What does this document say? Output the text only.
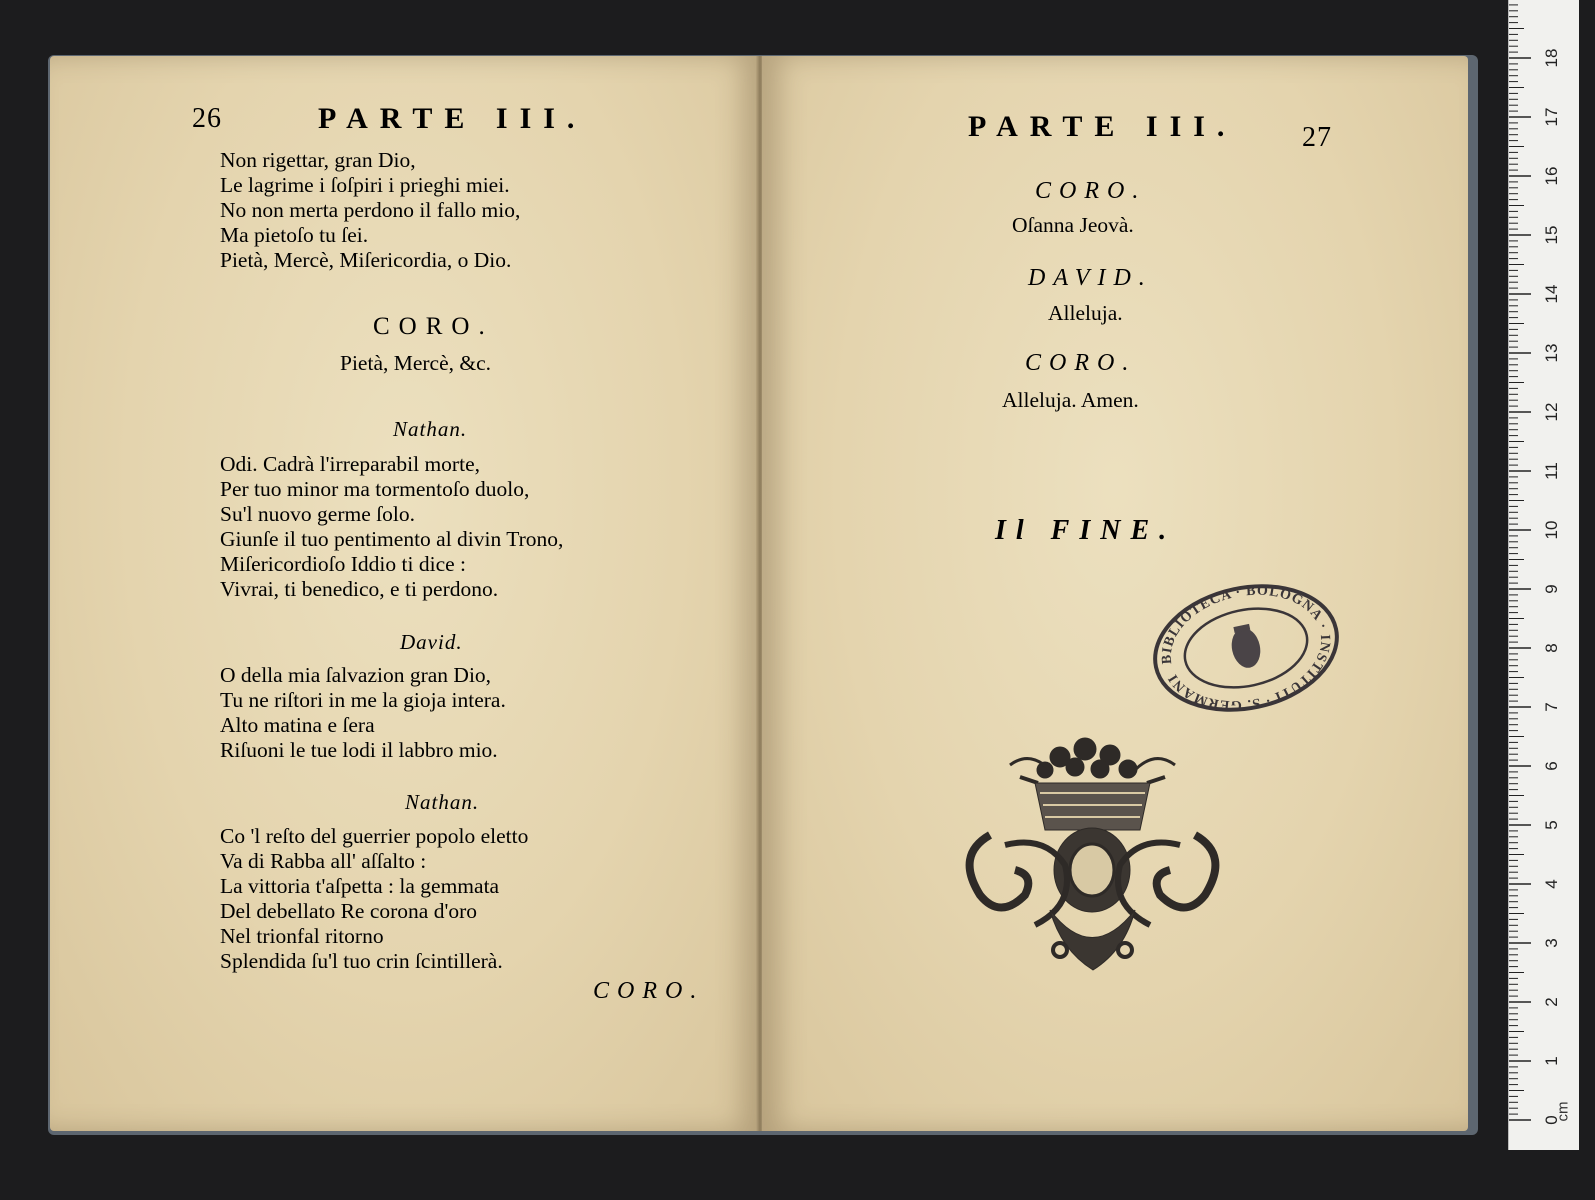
26	PARTE III.
Non rigettar, gran Dio,
Le lagrime i ſoſpiri i prieghi miei.
No non merta perdono il fallo mio,
Ma pietoſo tu ſei.
Pietà, Mercè, Miſericordia, o Dio.
CORO.
Pietà, Mercè, &c.
Nathan.
Odi. Cadrà l'irreparabil morte,
Per tuo minor ma tormentoſo duolo,
Su'l nuovo germe ſolo.
Giunſe il tuo pentimento al divin Trono,
Miſericordioſo Iddio ti dice :
Vivrai, ti benedico, e ti perdono.
David.
O della mia ſalvazion gran Dio,
Tu ne riſtori in me la gioja intera.
Alto matina e ſera
Riſuoni le tue lodi il labbro mio.
Nathan.
Co 'l reſto del guerrier popolo eletto
Va di Rabba all' aſſalto :
La vittoria t'aſpetta : la gemmata
Del debellato Re corona d'oro
Nel trionfal ritorno
Splendida ſu'l tuo crin ſcintillerà.
CORO.
PARTE III. 27
CORO.
Oſanna Jeovà.
DAVID.
Alleluja.
CORO.
Alleluja. Amen.
Il FINE.
BIBLIOTECA · BOLOGNA · INSTITUTI · S. GERMANI
0
1
2
3
4
5
6
7
8
9
10
11
12
13
14
15
16
17
18
cm
